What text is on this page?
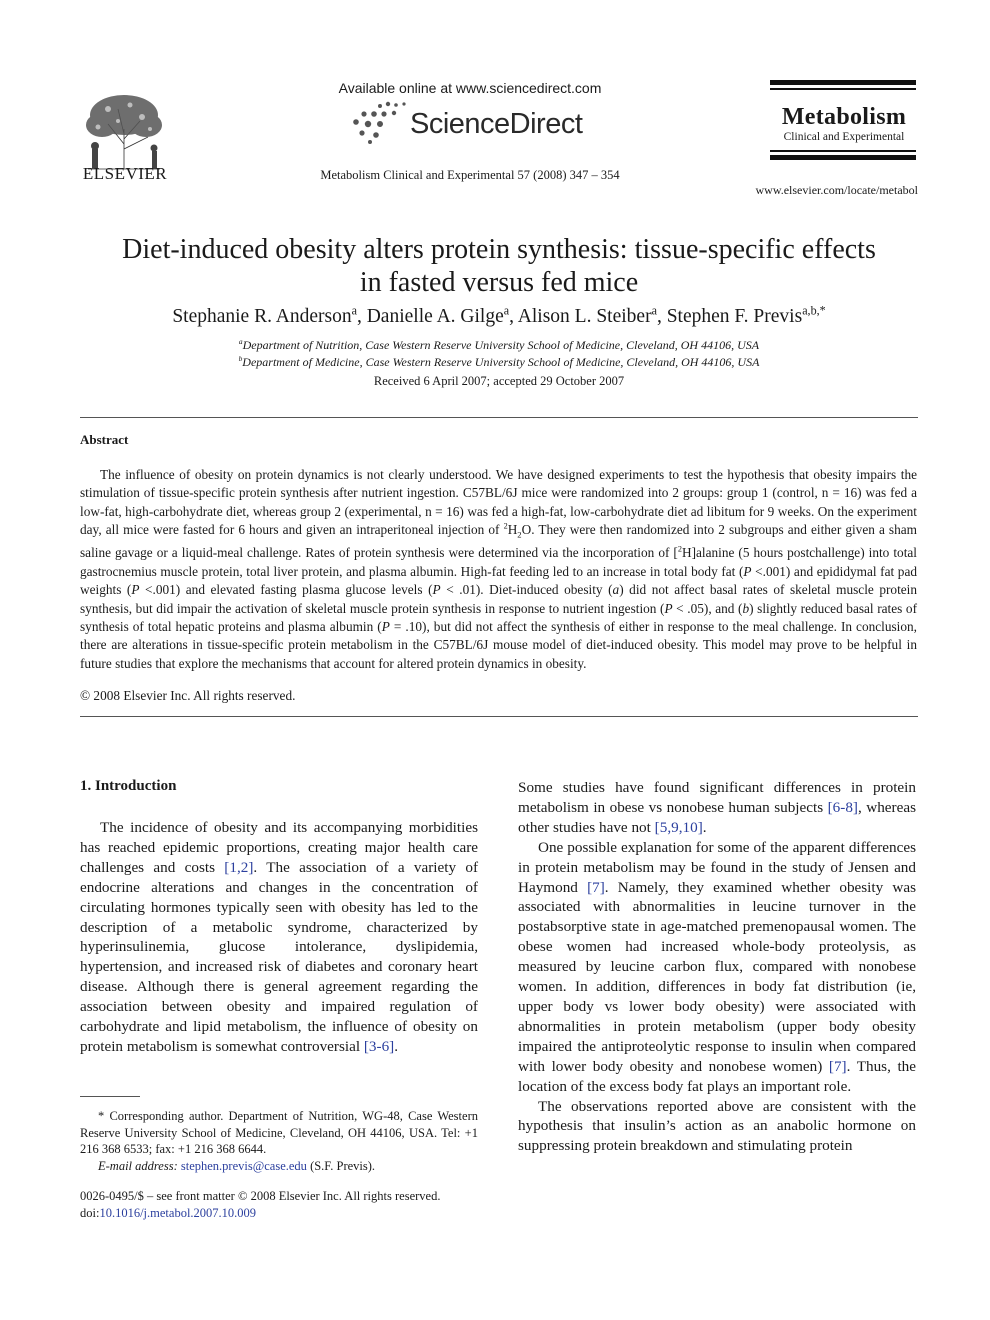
ELSEVIER
Available online at www.sciencedirect.com
ScienceDirect
Metabolism Clinical and Experimental 57 (2008) 347 – 354
Metabolism
Clinical and Experimental
www.elsevier.com/locate/metabol
Diet-induced obesity alters protein synthesis: tissue-specific effects
in fasted versus fed mice
Stephanie R. Anderson$^a$, Danielle A. Gilge$^a$, Alison L. Steiber$^a$, Stephen F. Previs$^{a,b,*}$
$^a$Department of Nutrition, Case Western Reserve University School of Medicine, Cleveland, OH 44106, USA
$^b$Department of Medicine, Case Western Reserve University School of Medicine, Cleveland, OH 44106, USA
Received 6 April 2007; accepted 29 October 2007
Abstract

The influence of obesity on protein dynamics is not clearly understood. We have designed experiments to test the hypothesis that obesity impairs the stimulation of tissue-specific protein synthesis after nutrient ingestion. C57BL/6J mice were randomized into 2 groups: group 1 (control, n = 16) was fed a low-fat, high-carbohydrate diet, whereas group 2 (experimental, n = 16) was fed a high-fat, low-carbohydrate diet ad libitum for 9 weeks. On the experiment day, all mice were fasted for 6 hours and given an intraperitoneal injection of $^2H_2O$. They were then randomized into 2 subgroups and either given a sham saline gavage or a liquid-meal challenge. Rates of protein synthesis were determined via the incorporation of [$^2$H]alanine (5 hours postchallenge) into total gastrocnemius muscle protein, total liver protein, and plasma albumin. High-fat feeding led to an increase in total body fat (P <.001) and epididymal fat pad weights (P <.001) and elevated fasting plasma glucose levels (P < .01). Diet-induced obesity (a) did not affect basal rates of skeletal muscle protein synthesis, but did impair the activation of skeletal muscle protein synthesis in response to nutrient ingestion (P < .05), and (b) slightly reduced basal rates of synthesis of total hepatic proteins and plasma albumin (P = .10), but did not affect the synthesis of either in response to the meal challenge. In conclusion, there are alterations in tissue-specific protein metabolism in the C57BL/6J mouse model of diet-induced obesity. This model may prove to be helpful in future studies that explore the mechanisms that account for altered protein dynamics in obesity.

© 2008 Elsevier Inc. All rights reserved.
1. Introduction

The incidence of obesity and its accompanying morbidities has reached epidemic proportions, creating major health care challenges and costs [1,2]. The association of a variety of endocrine alterations and changes in the concentration of circulating hormones typically seen with obesity has led to the description of a metabolic syndrome, characterized by hyperinsulinemia, glucose intolerance, dyslipidemia, hypertension, and increased risk of diabetes and coronary heart disease. Although there is general agreement regarding the association between obesity and impaired regulation of carbohydrate and lipid metabolism, the influence of obesity on protein metabolism is somewhat controversial [3-6].

Some studies have found significant differences in protein metabolism in obese vs nonobese human subjects [6-8], whereas other studies have not [5,9,10].

One possible explanation for some of the apparent differences in protein metabolism may be found in the study of Jensen and Haymond [7]. Namely, they examined whether obesity was associated with abnormalities in leucine turnover in the postabsorptive state in age-matched premenopausal women. The obese women had increased whole-body proteolysis, as measured by leucine carbon flux, compared with nonobese women. In addition, differences in body fat distribution (ie, upper body vs lower body obesity) were associated with abnormalities in protein metabolism (upper body obesity impaired the antiproteolytic response to insulin when compared with lower body obesity and nonobese women) [7]. Thus, the location of the excess body fat plays an important role.

The observations reported above are consistent with the hypothesis that insulin’s action as an anabolic hormone on suppressing protein breakdown and stimulating protein

* Corresponding author. Department of Nutrition, WG-48, Case Western Reserve University School of Medicine, Cleveland, OH 44106, USA. Tel: +1 216 368 6533; fax: +1 216 368 6644.

E-mail address: stephen.previs@case.edu (S.F. Previs).

0026-0495/$ – see front matter © 2008 Elsevier Inc. All rights reserved.
doi:10.1016/j.metabol.2007.10.009
